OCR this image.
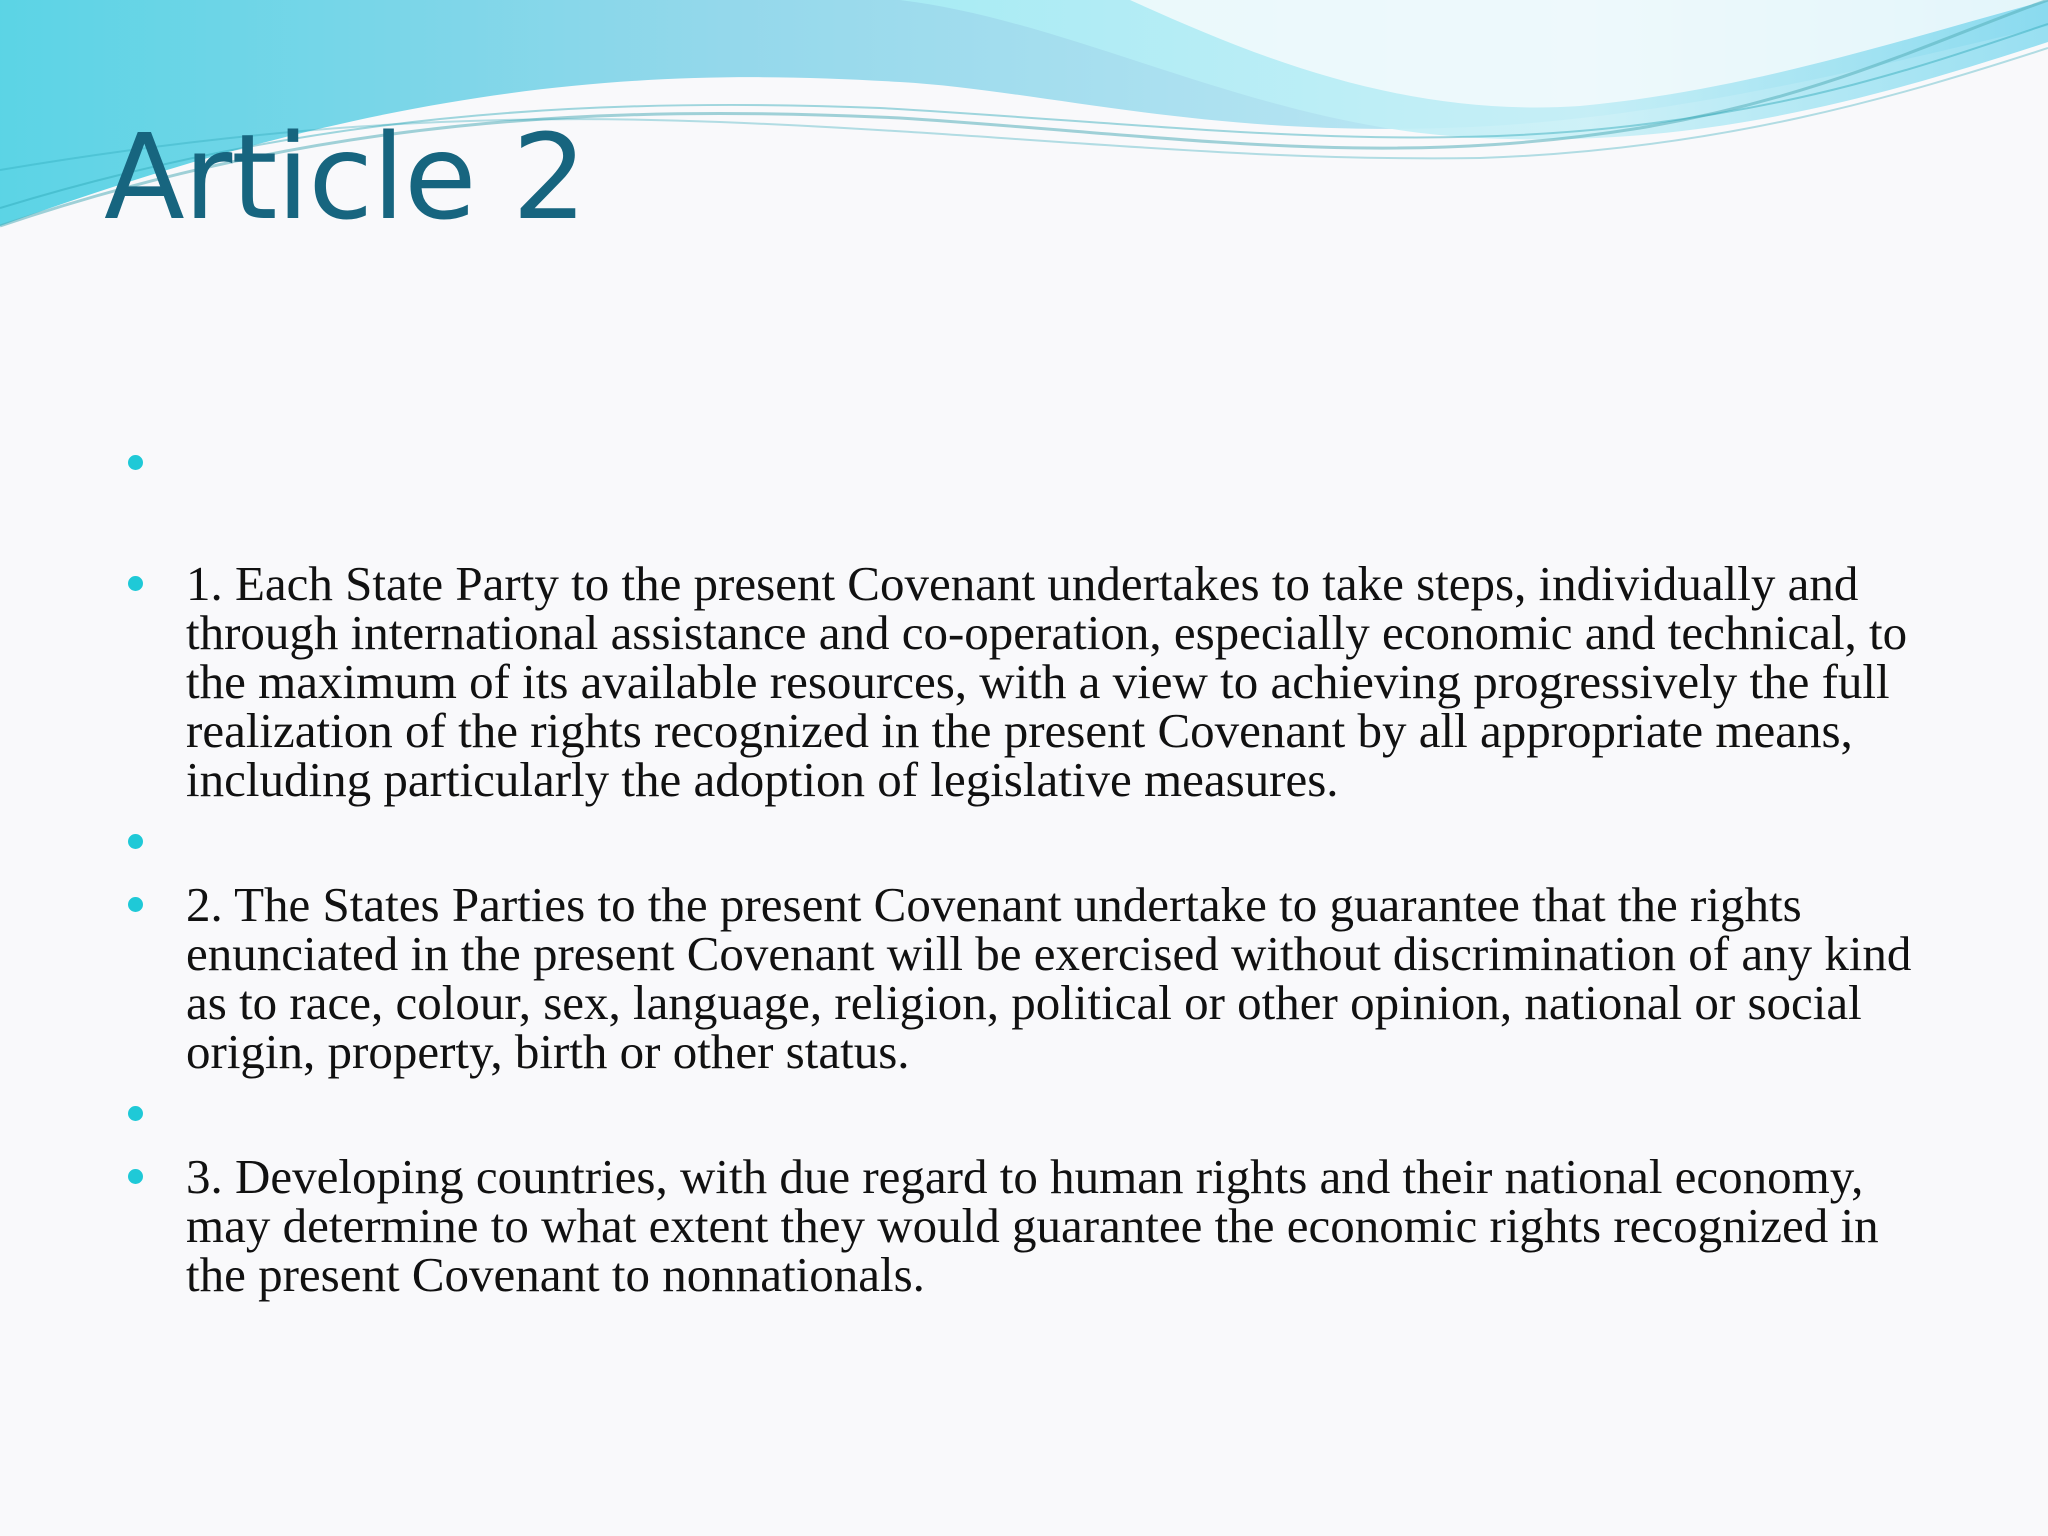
Article 2
1. Each State Party to the present Covenant undertakes to take steps, individually and through international assistance and co-operation, especially economic and technical, to the maximum of its available resources, with a view to achieving progressively the full realization of the rights recognized in the present Covenant by all appropriate means, including particularly the adoption of legislative measures.
2. The States Parties to the present Covenant undertake to guarantee that the rights enunciated in the present Covenant will be exercised without discrimination of any kind as to race, colour, sex, language, religion, political or other opinion, national or social origin, property, birth or other status.
3. Developing countries, with due regard to human rights and their national economy, may determine to what extent they would guarantee the economic rights recognized in the present Covenant to nonnationals.
